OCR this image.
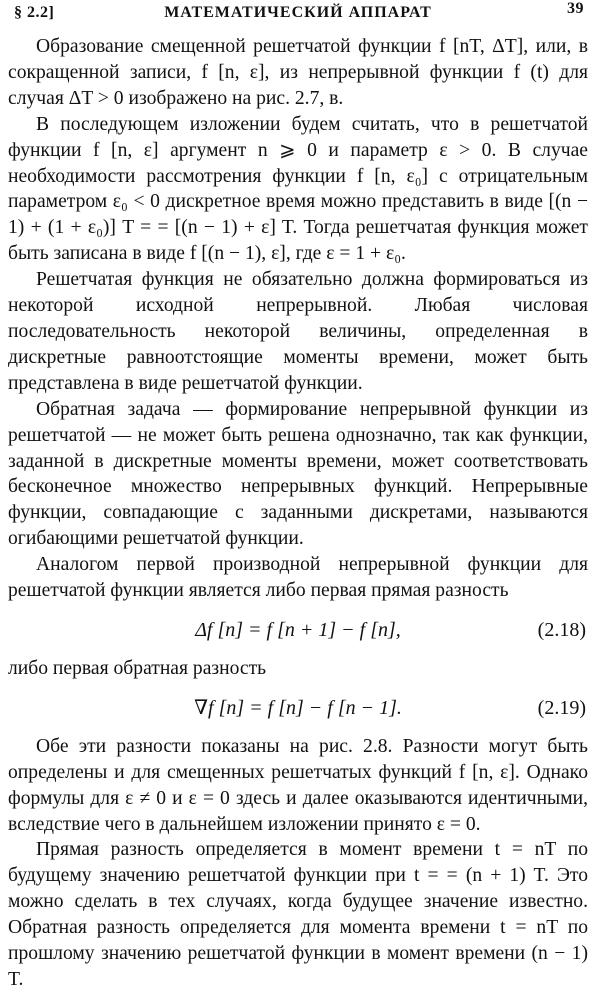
§ 2.2]	МАТЕМАТИЧЕСКИЙ АППАРАТ	39

Образование смещенной решетчатой функции f [nT, ΔT], или, в сокращенной записи, f [n, ε], из непрерывной функции f (t) для случая ΔT > 0 изображено на рис. 2.7, в.

В последующем изложении будем считать, что в решетчатой функции f [n, ε] аргумент n ⩾ 0 и параметр ε > 0. В случае необходимости рассмотрения функции f [n, ε₀] с отрицательным параметром ε₀ < 0 дискретное время можно представить в виде [(n − 1) + (1 + ε₀)] T = = [(n − 1) + ε] T. Тогда решетчатая функция может быть записана в виде f [(n − 1), ε], где ε = 1 + ε₀.

Решетчатая функция не обязательно должна формироваться из некоторой исходной непрерывной. Любая числовая последовательность некоторой величины, определенная в дискретные равноотстоящие моменты времени, может быть представлена в виде решетчатой функции.

Обратная задача — формирование непрерывной функции из решетчатой — не может быть решена однозначно, так как функции, заданной в дискретные моменты времени, может соответствовать бесконечное множество непрерывных функций. Непрерывные функции, совпадающие с заданными дискретами, называются огибающими решетчатой функции.

Аналогом первой производной непрерывной функции для решетчатой функции является либо первая прямая разность

Δf [n] = f [n + 1] − f [n],	(2.18)

либо первая обратная разность

∇f [n] = f [n] − f [n − 1].	(2.19)

Обе эти разности показаны на рис. 2.8. Разности могут быть определены и для смещенных решетчатых функций f [n, ε]. Однако формулы для ε ≠ 0 и ε = 0 здесь и далее оказываются идентичными, вследствие чего в дальнейшем изложении принято ε = 0.

Прямая разность определяется в момент времени t = nT по будущему значению решетчатой функции при t = = (n + 1) T. Это можно сделать в тех случаях, когда будущее значение известно. Обратная разность определяется для момента времени t = nT по прошлому значению решетчатой функции в момент времени (n − 1) T.
